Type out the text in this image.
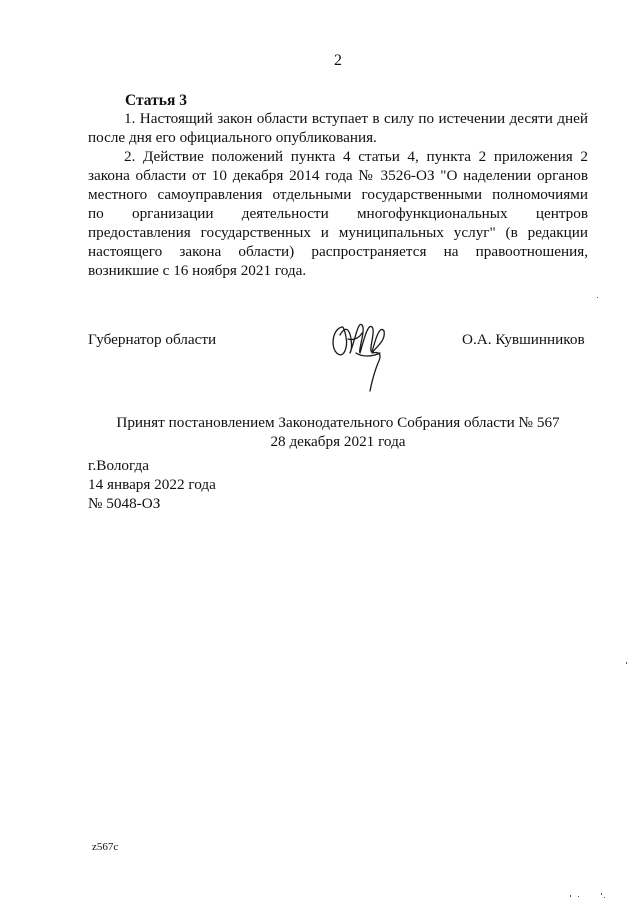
2
Статья 3
1. Настоящий закон области вступает в силу по истечении десяти дней
после дня его официального опубликования.
2. Действие положений пункта 4 статьи 4, пункта 2 приложения 2
закона области от 10 декабря 2014 года № 3526-ОЗ "О наделении органов
местного самоуправления отдельными государственными полномочиями
по организации деятельности многофункциональных центров
предоставления государственных и муниципальных услуг" (в редакции
настоящего закона области) распространяется на правоотношения,
возникшие с 16 ноября 2021 года.
Губернатор области	О.А. Кувшинников
Принят постановлением Законодательного Собрания области № 567
28 декабря 2021 года
г.Вологда
14 января 2022 года
№ 5048-ОЗ
z567c
